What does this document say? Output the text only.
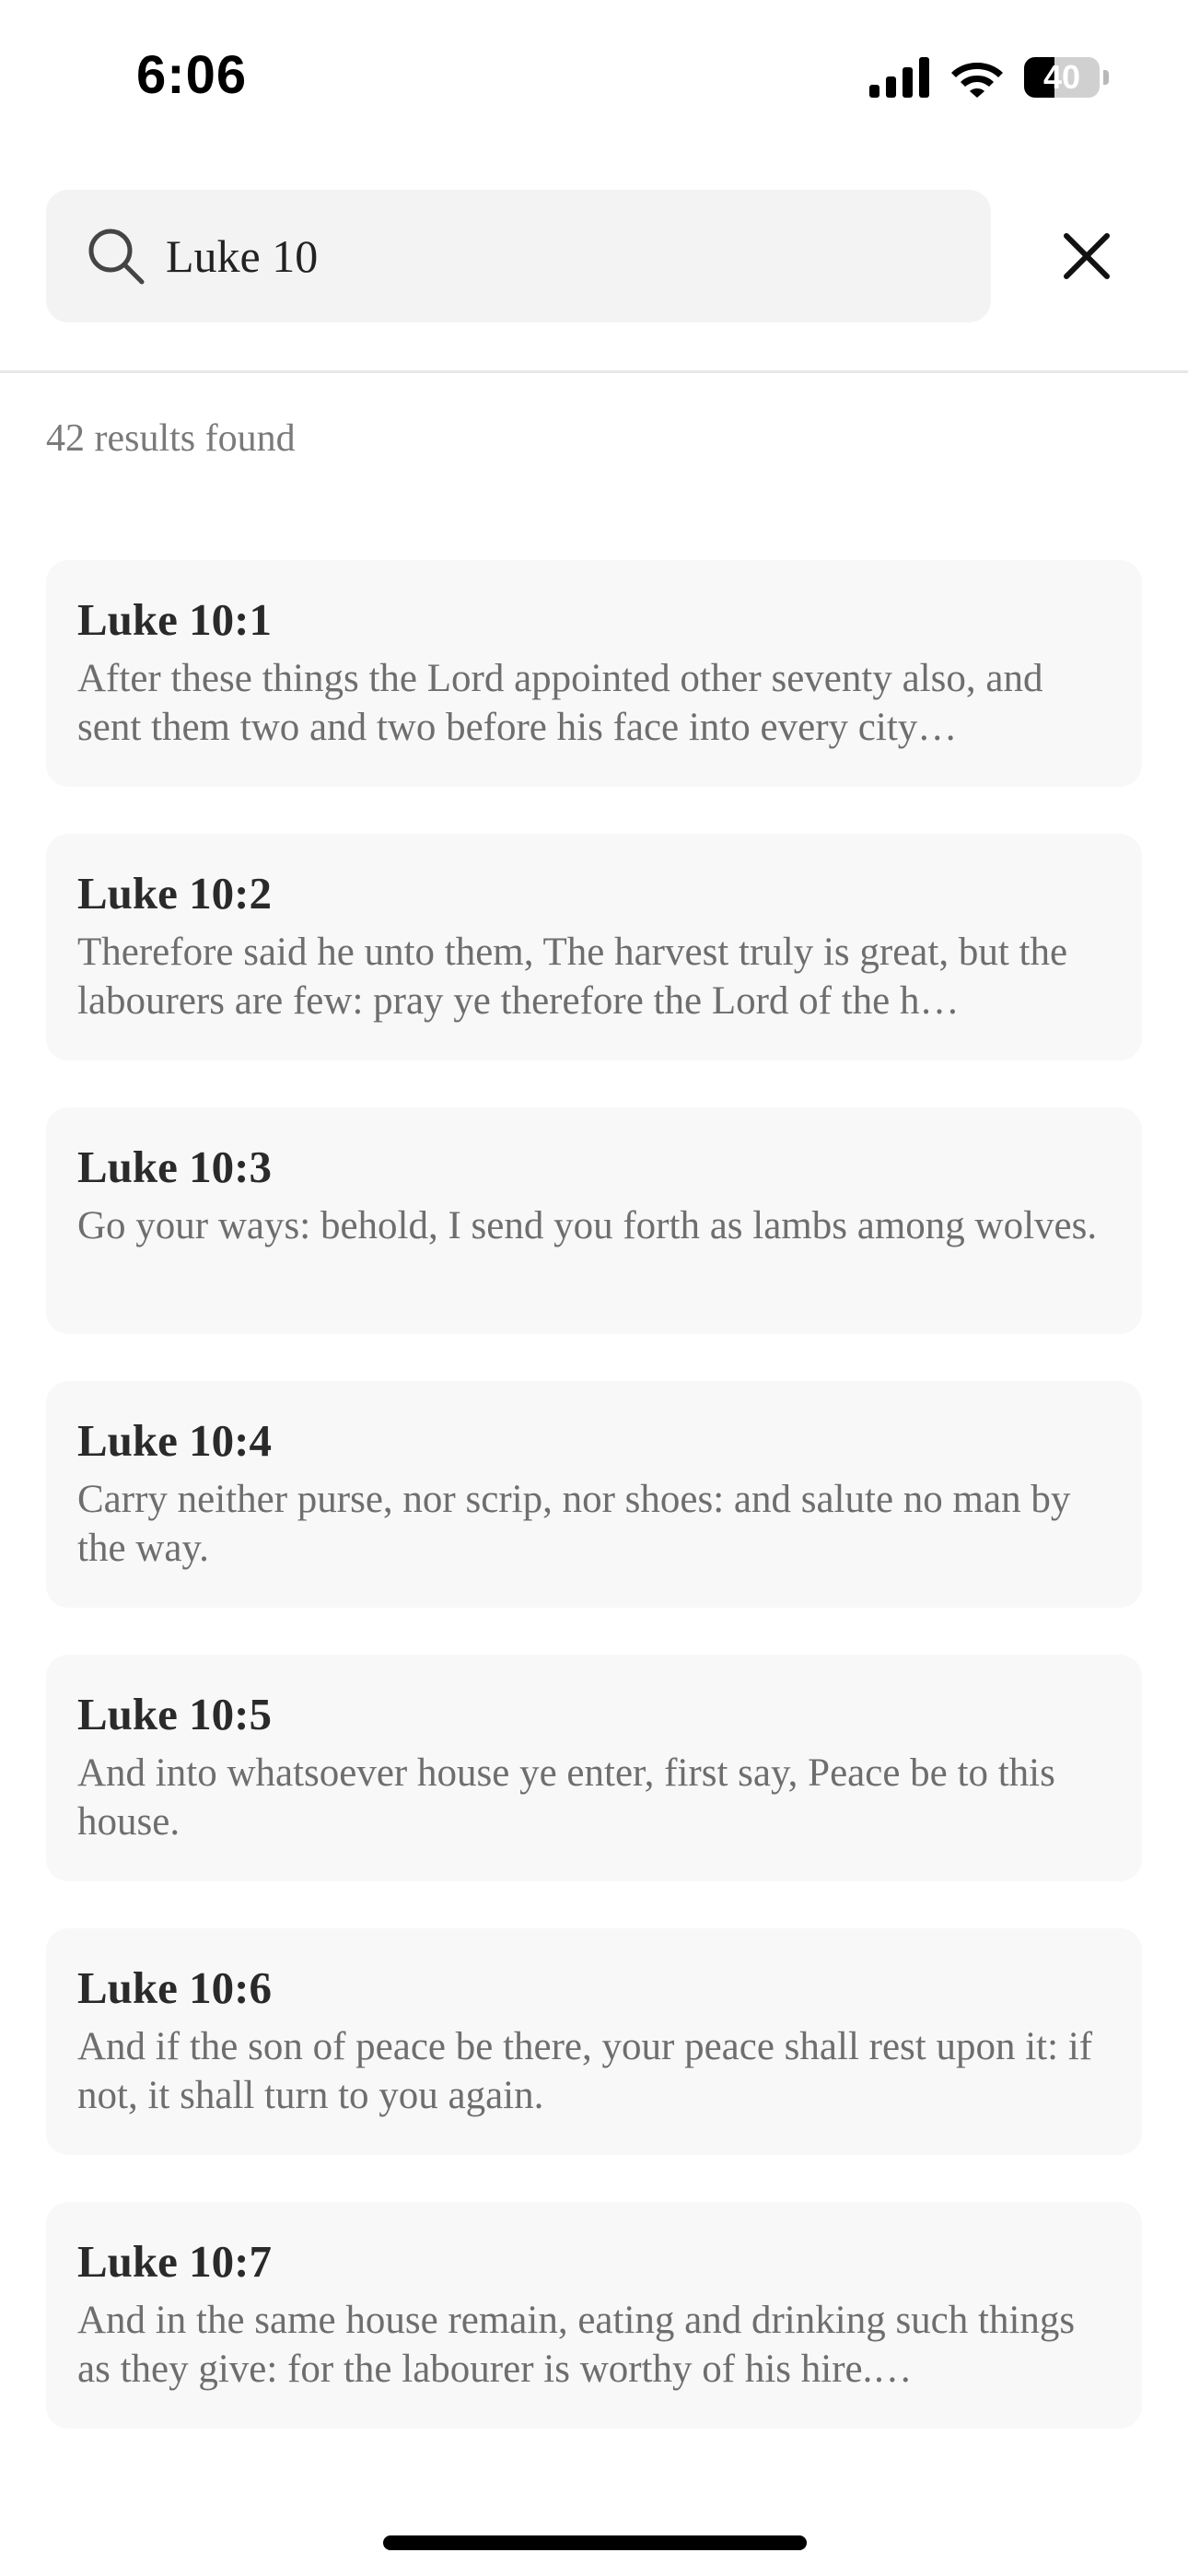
6:06	40
Luke 10
42 results found
Luke 10:1
After these things the Lord appointed other seventy also, and sent them two and two before his face into every city…
Luke 10:2
Therefore said he unto them, The harvest truly is great, but the labourers are few: pray ye therefore the Lord of the h…
Luke 10:3
Go your ways: behold, I send you forth as lambs among wolves.
Luke 10:4
Carry neither purse, nor scrip, nor shoes: and salute no man by the way.
Luke 10:5
And into whatsoever house ye enter, first say, Peace be to this house.
Luke 10:6
And if the son of peace be there, your peace shall rest upon it: if not, it shall turn to you again.
Luke 10:7
And in the same house remain, eating and drinking such things as they give: for the labourer is worthy of his hire.…
